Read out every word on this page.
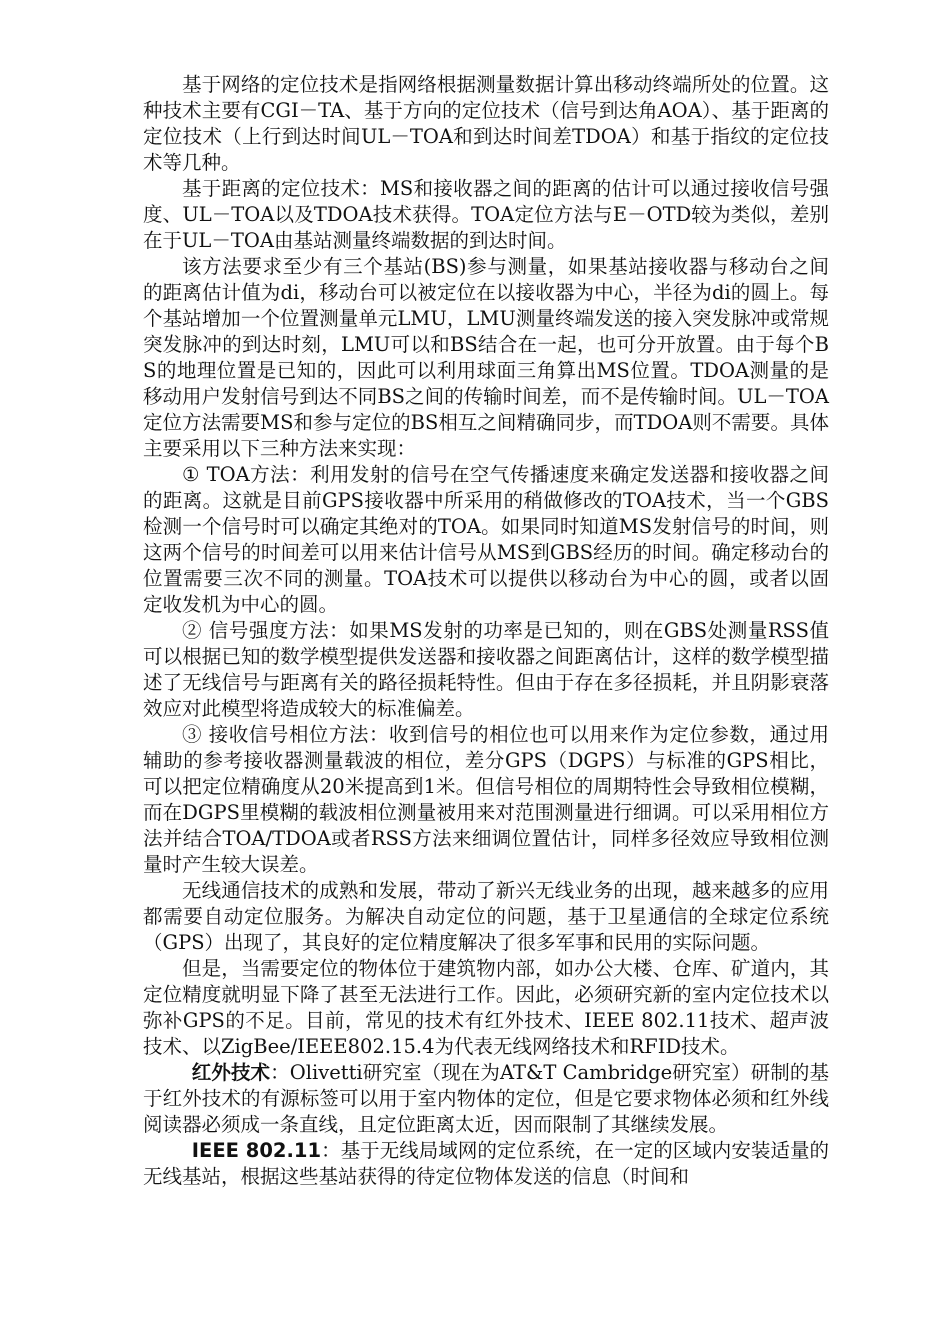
基于网络的定位技术是指网络根据测量数据计算出移动终端所处的位置。这种技术主要有CGI－TA、基于方向的定位技术（信号到达角AOA）、基于距离的定位技术（上行到达时间UL－TOA和到达时间差TDOA）和基于指纹的定位技术等几种。

基于距离的定位技术：MS和接收器之间的距离的估计可以通过接收信号强度、UL－TOA以及TDOA技术获得。TOA定位方法与E－OTD较为类似，差别在于UL－TOA由基站测量终端数据的到达时间。

该方法要求至少有三个基站(BS)参与测量，如果基站接收器与移动台之间的距离估计值为di，移动台可以被定位在以接收器为中心，半径为di的圆上。每个基站增加一个位置测量单元LMU，LMU测量终端发送的接入突发脉冲或常规突发脉冲的到达时刻，LMU可以和BS结合在一起，也可分开放置。由于每个BS的地理位置是已知的，因此可以利用球面三角算出MS位置。TDOA测量的是移动用户发射信号到达不同BS之间的传输时间差，而不是传输时间。UL－TOA定位方法需要MS和参与定位的BS相互之间精确同步，而TDOA则不需要。具体主要采用以下三种方法来实现：

① TOA方法：利用发射的信号在空气传播速度来确定发送器和接收器之间的距离。这就是目前GPS接收器中所采用的稍做修改的TOA技术，当一个GBS检测一个信号时可以确定其绝对的TOA。如果同时知道MS发射信号的时间，则这两个信号的时间差可以用来估计信号从MS到GBS经历的时间。确定移动台的位置需要三次不同的测量。TOA技术可以提供以移动台为中心的圆，或者以固定收发机为中心的圆。

② 信号强度方法：如果MS发射的功率是已知的，则在GBS处测量RSS值可以根据已知的数学模型提供发送器和接收器之间距离估计，这样的数学模型描述了无线信号与距离有关的路径损耗特性。但由于存在多径损耗，并且阴影衰落效应对此模型将造成较大的标准偏差。

③ 接收信号相位方法：收到信号的相位也可以用来作为定位参数，通过用辅助的参考接收器测量载波的相位，差分GPS（DGPS）与标准的GPS相比，可以把定位精确度从20米提高到1米。但信号相位的周期特性会导致相位模糊，而在DGPS里模糊的载波相位测量被用来对范围测量进行细调。可以采用相位方法并结合TOA/TDOA或者RSS方法来细调位置估计，同样多径效应导致相位测量时产生较大误差。

无线通信技术的成熟和发展，带动了新兴无线业务的出现，越来越多的应用都需要自动定位服务。为解决自动定位的问题，基于卫星通信的全球定位系统（GPS）出现了，其良好的定位精度解决了很多军事和民用的实际问题。

但是，当需要定位的物体位于建筑物内部，如办公大楼、仓库、矿道内，其定位精度就明显下降了甚至无法进行工作。因此，必须研究新的室内定位技术以弥补GPS的不足。目前，常见的技术有红外技术、IEEE 802.11技术、超声波技术、以ZigBee/IEEE802.15.4为代表无线网络技术和RFID技术。

红外技术：Olivetti研究室（现在为AT&T Cambridge研究室）研制的基于红外技术的有源标签可以用于室内物体的定位，但是它要求物体必须和红外线阅读器必须成一条直线，且定位距离太近，因而限制了其继续发展。

IEEE 802.11：基于无线局域网的定位系统，在一定的区域内安装适量的无线基站，根据这些基站获得的待定位物体发送的信息（时间和
